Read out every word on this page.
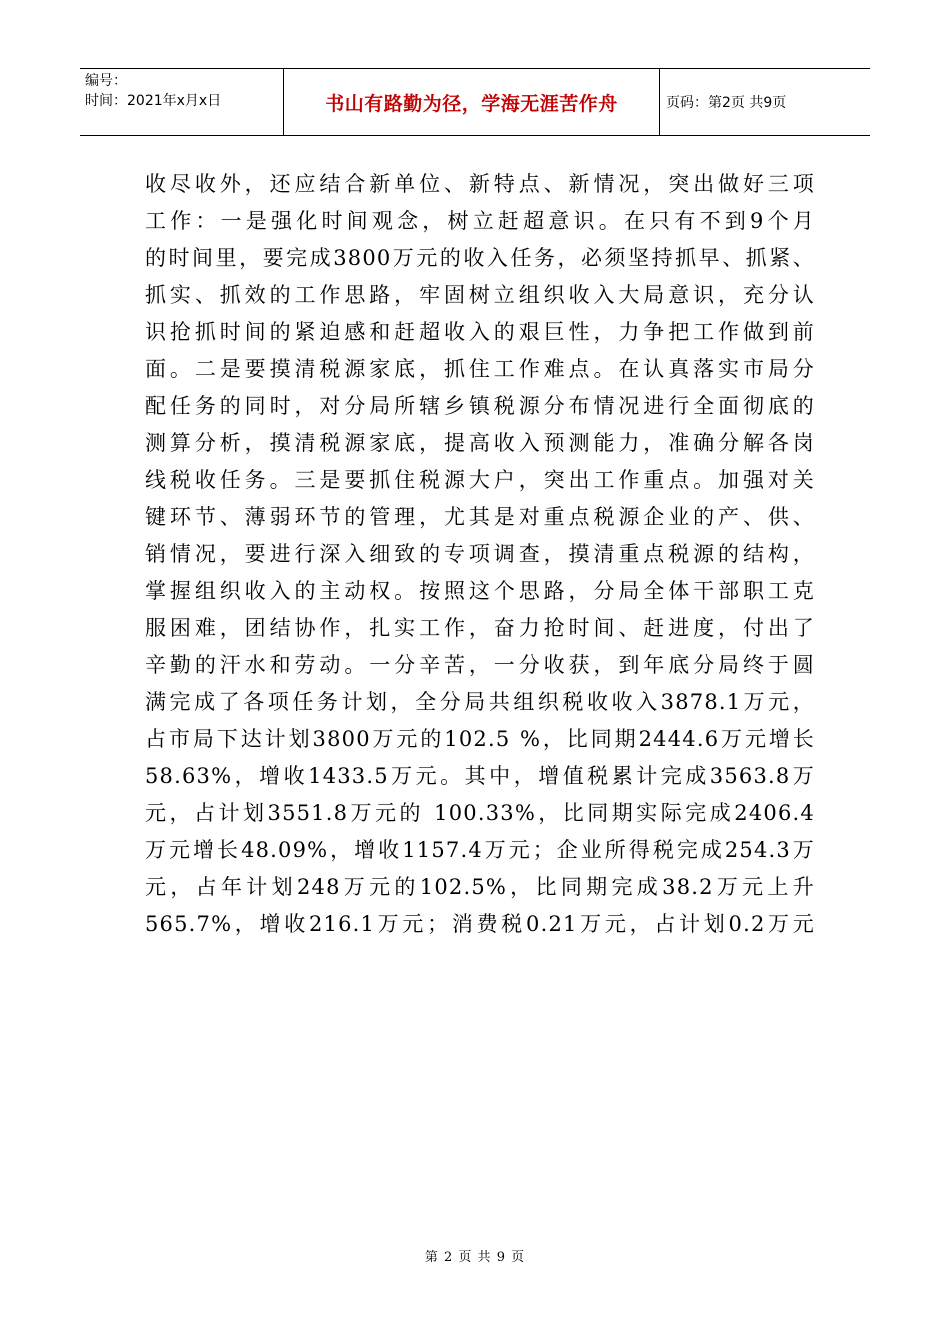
编号：
时间：2021年x月x日	书山有路勤为径，学海无涯苦作舟	页码：第2页 共9页
收尽收外，还应结合新单位、新特点、新情况，突出做好三项
工作：一是强化时间观念，树立赶超意识。在只有不到9个月
的时间里，要完成3800万元的收入任务，必须坚持抓早、抓紧、
抓实、抓效的工作思路，牢固树立组织收入大局意识，充分认
识抢抓时间的紧迫感和赶超收入的艰巨性，力争把工作做到前
面。二是要摸清税源家底，抓住工作难点。在认真落实市局分
配任务的同时，对分局所辖乡镇税源分布情况进行全面彻底的
测算分析，摸清税源家底，提高收入预测能力，准确分解各岗
线税收任务。三是要抓住税源大户，突出工作重点。加强对关
键环节、薄弱环节的管理，尤其是对重点税源企业的产、供、
销情况，要进行深入细致的专项调查，摸清重点税源的结构，
掌握组织收入的主动权。按照这个思路，分局全体干部职工克
服困难，团结协作，扎实工作，奋力抢时间、赶进度，付出了
辛勤的汗水和劳动。一分辛苦，一分收获，到年底分局终于圆
满完成了各项任务计划，全分局共组织税收收入3878.1万元，
占市局下达计划3800万元的102.5 %，比同期2444.6万元增长
58.63%，增收1433.5万元。其中，增值税累计完成3563.8万
元，占计划3551.8万元的 100.33%，比同期实际完成2406.4
万元增长48.09%，增收1157.4万元；企业所得税完成254.3万
元，占年计划248万元的102.5%，比同期完成38.2万元上升
565.7%，增收216.1万元；消费税0.21万元，占计划0.2万元
第 2 页 共 9 页
